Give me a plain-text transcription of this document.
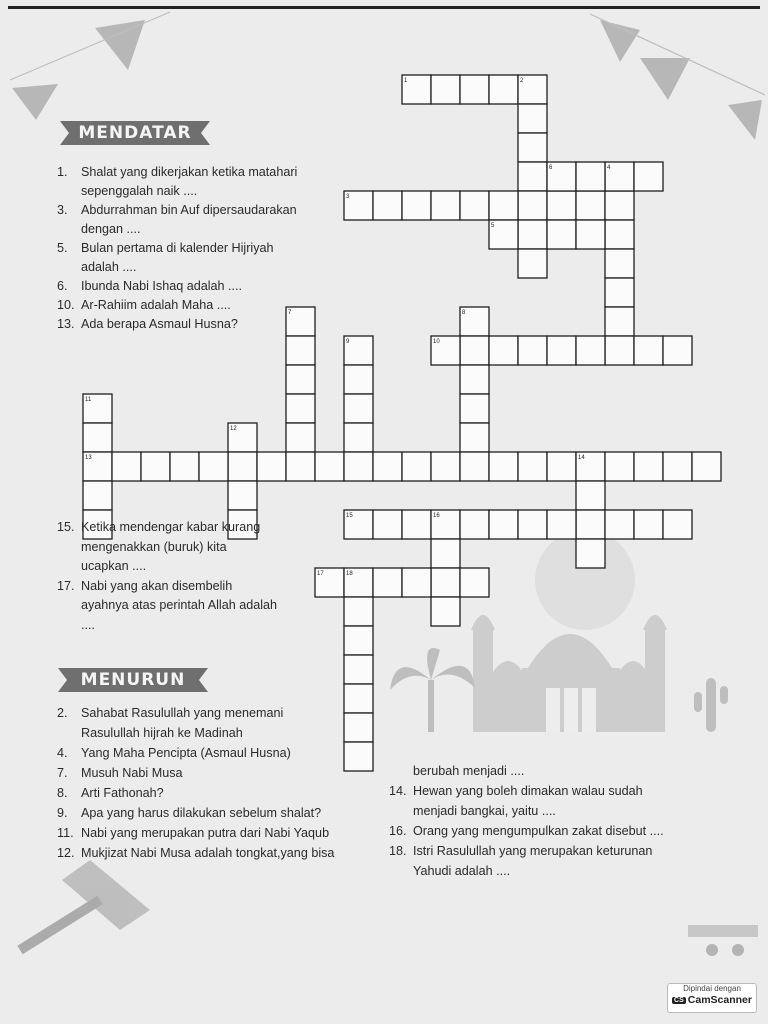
1	2
3
4
5
6
7	8
9	10
11
12
13	14
15	16
17	18
MENDATAR
1. Shalat yang dikerjakan ketika matahari
sepenggalah naik ....
3. Abdurrahman bin Auf dipersaudarakan
dengan ....
5. Bulan pertama di kalender Hijriyah
adalah ....
6. Ibunda Nabi Ishaq adalah ....
10. Ar-Rahiim adalah Maha ....
13. Ada berapa Asmaul Husna?
15. Ketika mendengar kabar kurang
mengenakkan (buruk) kita
ucapkan ....
17. Nabi yang akan disembelih
ayahnya atas perintah Allah adalah
....
MENURUN
2. Sahabat Rasulullah yang menemani
Rasulullah hijrah ke Madinah
4. Yang Maha Pencipta (Asmaul Husna)
7. Musuh Nabi Musa
8. Arti Fathonah?
9. Apa yang harus dilakukan sebelum shalat?
11. Nabi yang merupakan putra dari Nabi Yaqub
12. Mukjizat Nabi Musa adalah tongkat,yang bisa
berubah menjadi ....
14. Hewan yang boleh dimakan walau sudah
menjadi bangkai, yaitu ....
16. Orang yang mengumpulkan zakat disebut ....
18. Istri Rasulullah yang merupakan keturunan
Yahudi adalah ....
Dipindai dengan
CS CamScanner
